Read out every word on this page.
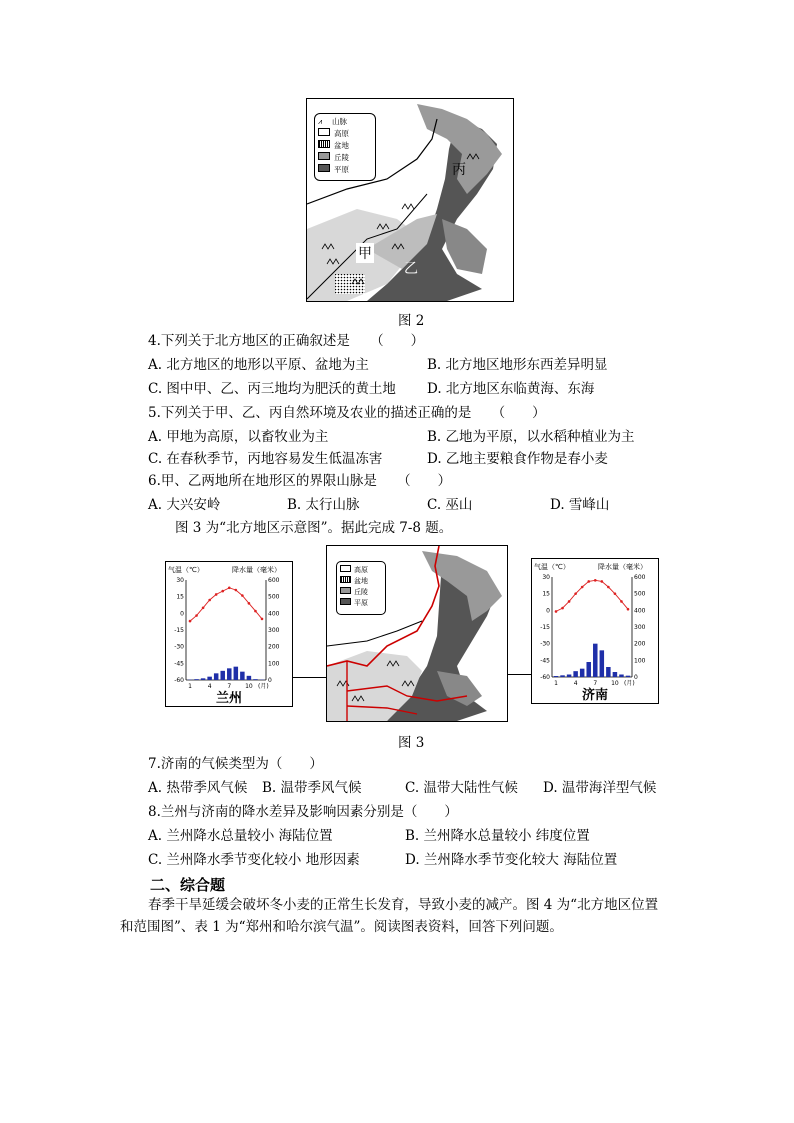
⩘ 山脉
高原
盆地
丘陵
平原
甲
乙
丙
图 2
4.下列关于北方地区的正确叙述是　　（　　）
A. 北方地区的地形以平原、盆地为主	B. 北方地区地形东西差异明显
C. 图中甲、乙、丙三地均为肥沃的黄土地 D. 北方地区东临黄海、东海
5.下列关于甲、乙、丙自然环境及农业的描述正确的是　　（　　）
A. 甲地为高原，以畜牧业为主	B. 乙地为平原，以水稻种植业为主
C. 在春秋季节，丙地容易发生低温冻害	D. 乙地主要粮食作物是春小麦
6.甲、乙两地所在地形区的界限山脉是　　（　　）
A. 大兴安岭	B. 太行山脉	C. 巫山	D. 雪峰山
图 3 为“北方地区示意图”。据此完成 7-8 题。
高原
盆地
丘陵
平原
气温（℃）	降水量（毫米）
30
15
0
-15
-30
-45
-60
600
500
400
300
200
100
0
1	4	7 10 (月)
兰州
气温（℃）	降水量（毫米）
30
15
0
-15
-30
-45
-60
600
500
400
300
200
100
0
1	4	7 10 (月)
济南
图 3
7.济南的气候类型为（　　）
A. 热带季风气候 B. 温带季风气候	C. 温带大陆性气候 D. 温带海洋型气候
8.兰州与济南的降水差异及影响因素分别是（　　）
A. 兰州降水总量较小 海陆位置	B. 兰州降水总量较小 纬度位置
C. 兰州降水季节变化较小 地形因素	D. 兰州降水季节变化较大 海陆位置
二、综合题
春季干旱延缓会破坏冬小麦的正常生长发育，导致小麦的减产。图 4 为“北方地区位置
和范围图”、表 1 为“郑州和哈尔滨气温”。阅读图表资料，回答下列问题。
